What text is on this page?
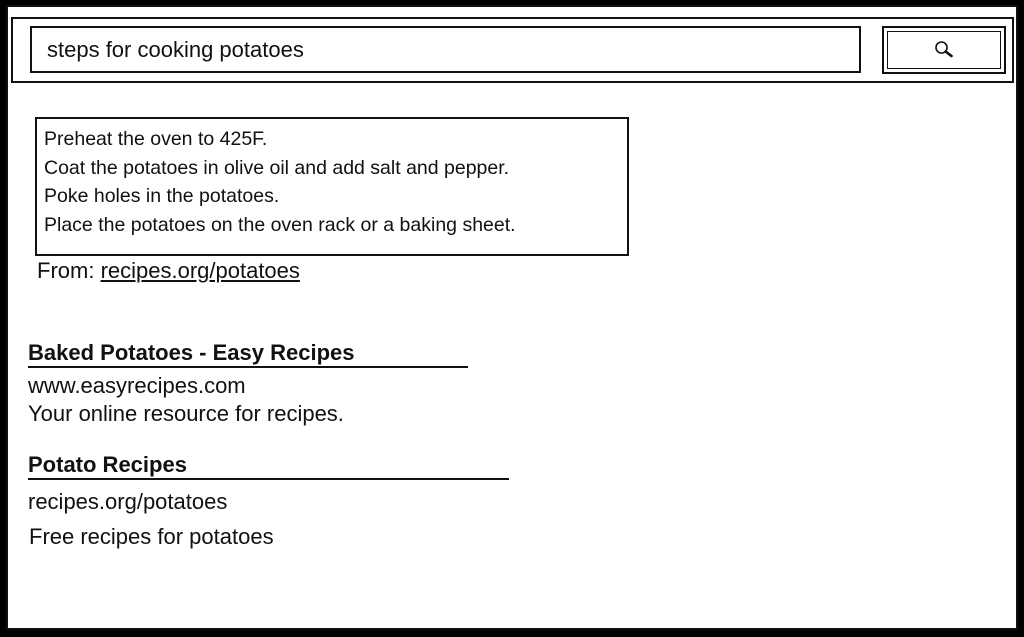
steps for cooking potatoes
Preheat the oven to 425F.
Coat the potatoes in olive oil and add salt and pepper.
Poke holes in the potatoes.
Place the potatoes on the oven rack or a baking sheet.
From: recipes.org/potatoes
Baked Potatoes - Easy Recipes
www.easyrecipes.com
Your online resource for recipes.
Potato Recipes
recipes.org/potatoes
Free recipes for potatoes
